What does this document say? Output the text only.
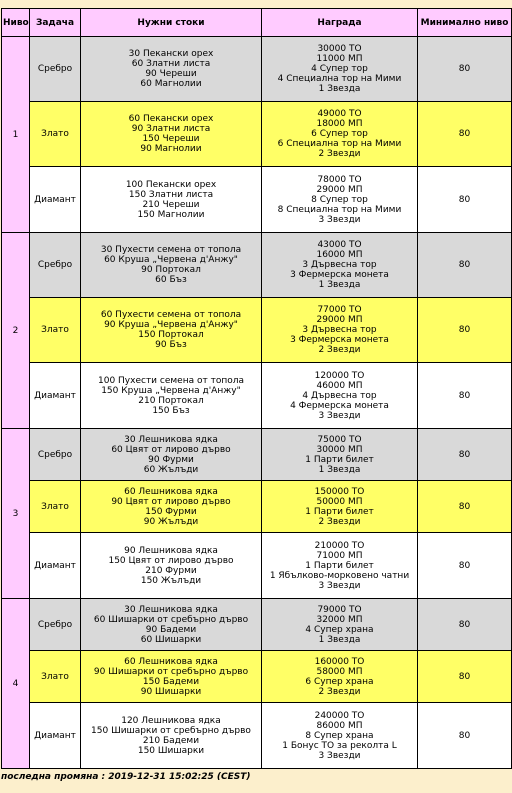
Ниво	Задача	Нужни стоки	Награда	Минимално ниво
1	Сребро	30 Пекански орех
60 Златни листа
90 Череши
60 Магнолии	30000 ТО
11000 МП
4 Супер тор
4 Специална тор на Мими
1 Звезда	80
	Злато	60 Пекански орех
90 Златни листа
150 Череши
90 Магнолии	49000 ТО
18000 МП
6 Супер тор
6 Специална тор на Мими
2 Звезди	80
	Диамант	100 Пекански орех
150 Златни листа
210 Череши
150 Магнолии	78000 ТО
29000 МП
8 Супер тор
8 Специална тор на Мими
3 Звезди	80
2	Сребро	30 Пухести семена от топола
60 Круша „Червена д'Анжу"
90 Портокал
60 Бъз	43000 ТО
16000 МП
3 Дървесна тор
3 Фермерска монета
1 Звезда	80
	Злато	60 Пухести семена от топола
90 Круша „Червена д'Анжу"
150 Портокал
90 Бъз	77000 ТО
29000 МП
3 Дървесна тор
3 Фермерска монета
2 Звезди	80
	Диамант	100 Пухести семена от топола
150 Круша „Червена д'Анжу"
210 Портокал
150 Бъз	120000 ТО
46000 МП
4 Дървесна тор
4 Фермерска монета
3 Звезди	80
3	Сребро	30 Лешникова ядка
60 Цвят от лирово дърво
90 Фурми
60 Жълъди	75000 ТО
30000 МП
1 Парти билет
1 Звезда	80
	Злато	60 Лешникова ядка
90 Цвят от лирово дърво
150 Фурми
90 Жълъди	150000 ТО
50000 МП
1 Парти билет
2 Звезди	80
	Диамант	90 Лешникова ядка
150 Цвят от лирово дърво
210 Фурми
150 Жълъди	210000 ТО
71000 МП
1 Парти билет
1 Ябълково-морковено чатни
3 Звезди	80
4	Сребро	30 Лешникова ядка
60 Шишарки от сребърно дърво
90 Бадеми
60 Шишарки	79000 ТО
32000 МП
4 Супер храна
1 Звезда	80
	Злато	60 Лешникова ядка
90 Шишарки от сребърно дърво
150 Бадеми
90 Шишарки	160000 ТО
58000 МП
6 Супер храна
2 Звезди	80
	Диамант	120 Лешникова ядка
150 Шишарки от сребърно дърво
210 Бадеми
150 Шишарки	240000 ТО
86000 МП
8 Супер храна
1 Бонус ТО за реколта L
3 Звезди	80
последна промяна : 2019-12-31 15:02:25 (CEST)
